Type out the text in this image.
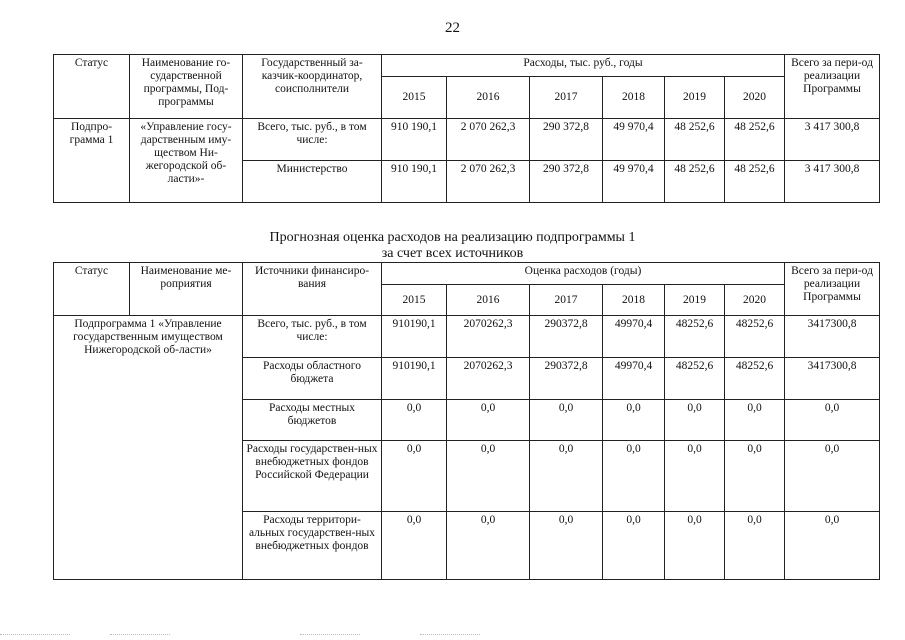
22
Статус	Наименование го-сударственной программы, Под-программы	Государственный за-казчик-координатор, соисполнители	Расходы, тыс. руб., годы						Всего за пери-од реализации Программы
			2015	2016	2017	2018	2019	2020	
Подпро-грамма 1	«Управление госу-дарственным иму-ществом Ни-жегородской об-ласти»-	Всего, тыс. руб., в том числе:	910 190,1	2 070 262,3	290 372,8	49 970,4	48 252,6	48 252,6	3 417 300,8
		Министерство	910 190,1	2 070 262,3	290 372,8	49 970,4	48 252,6	48 252,6	3 417 300,8
Прогнозная оценка расходов на реализацию подпрограммы 1
за счет всех источников
Статус	Наименование ме-роприятия	Источники финансиро-вания	Оценка расходов (годы)						Всего за пери-од реализации Программы
			2015	2016	2017	2018	2019	2020	
Подпрограмма 1 «Управление государственным имуществом Нижегородской об-ласти»		Всего, тыс. руб., в том числе:	910190,1	2070262,3	290372,8	49970,4	48252,6	48252,6	3417300,8
		Расходы областного бюджета	910190,1	2070262,3	290372,8	49970,4	48252,6	48252,6	3417300,8
		Расходы местных бюджетов	0,0	0,0	0,0	0,0	0,0	0,0	0,0
		Расходы государствен-ных внебюджетных фондов Российской Федерации	0,0	0,0	0,0	0,0	0,0	0,0	0,0
		Расходы территори-альных государствен-ных внебюджетных фондов	0,0	0,0	0,0	0,0	0,0	0,0	0,0
